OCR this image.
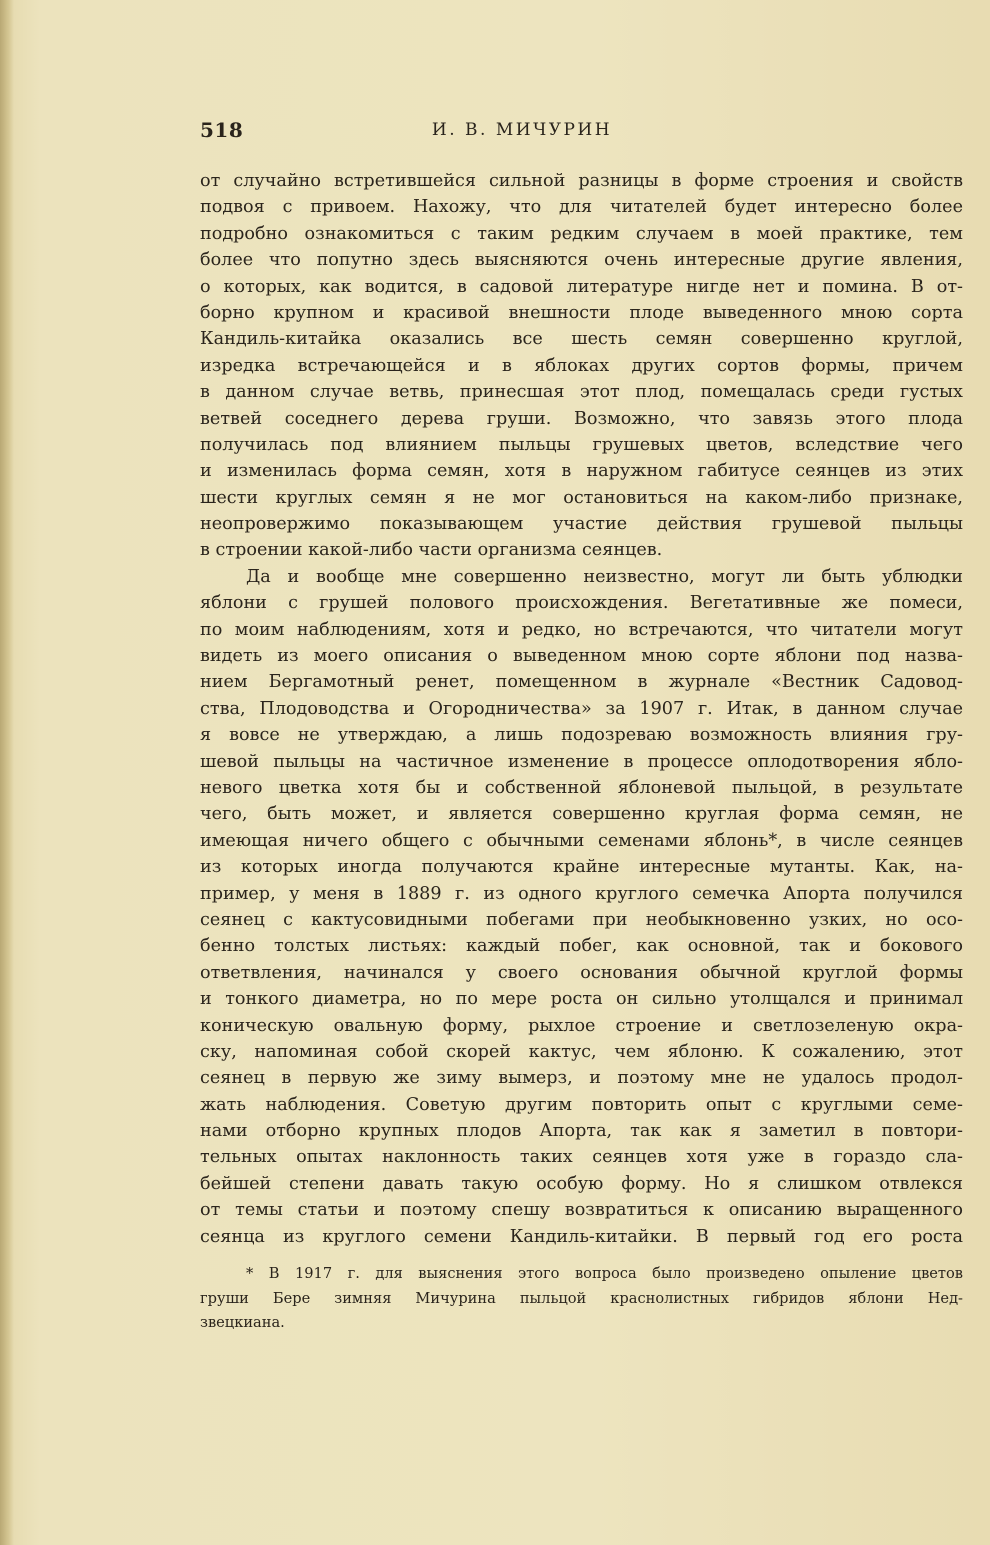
518	И. В. МИЧУРИН
от случайно встретившейся сильной разницы в форме строения и свойств
подвоя с привоем. Нахожу, что для читателей будет интересно более
подробно ознакомиться с таким редким случаем в моей практике, тем
более что попутно здесь выясняются очень интересные другие явления,
о которых, как водится, в садовой литературе нигде нет и помина. В от-
борно крупном и красивой внешности плоде выведенного мною сорта
Кандиль-китайка оказались все шесть семян совершенно круглой,
изредка встречающейся и в яблоках других сортов формы, причем
в данном случае ветвь, принесшая этот плод, помещалась среди густых
ветвей соседнего дерева груши. Возможно, что завязь этого плода
получилась под влиянием пыльцы грушевых цветов, вследствие чего
и изменилась форма семян, хотя в наружном габитусе сеянцев из этих
шести круглых семян я не мог остановиться на каком-либо признаке,
неопровержимо показывающем участие действия грушевой пыльцы
в строении какой-либо части организма сеянцев.
Да и вообще мне совершенно неизвестно, могут ли быть ублюдки
яблони с грушей полового происхождения. Вегетативные же помеси,
по моим наблюдениям, хотя и редко, но встречаются, что читатели могут
видеть из моего описания о выведенном мною сорте яблони под назва-
нием Бергамотный ренет, помещенном в журнале «Вестник Садовод-
ства, Плодоводства и Огородничества» за 1907 г. Итак, в данном случае
я вовсе не утверждаю, а лишь подозреваю возможность влияния гру-
шевой пыльцы на частичное изменение в процессе оплодотворения ябло-
невого цветка хотя бы и собственной яблоневой пыльцой, в результате
чего, быть может, и является совершенно круглая форма семян, не
имеющая ничего общего с обычными семенами яблонь*, в числе сеянцев
из которых иногда получаются крайне интересные мутанты. Как, на-
пример, у меня в 1889 г. из одного круглого семечка Апорта получился
сеянец с кактусовидными побегами при необыкновенно узких, но осо-
бенно толстых листьях: каждый побег, как основной, так и бокового
ответвления, начинался у своего основания обычной круглой формы
и тонкого диаметра, но по мере роста он сильно утолщался и принимал
коническую овальную форму, рыхлое строение и светлозеленую окра-
ску, напоминая собой скорей кактус, чем яблоню. К сожалению, этот
сеянец в первую же зиму вымерз, и поэтому мне не удалось продол-
жать наблюдения. Советую другим повторить опыт с круглыми семе-
нами отборно крупных плодов Апорта, так как я заметил в повтори-
тельных опытах наклонность таких сеянцев хотя уже в гораздо сла-
бейшей степени давать такую особую форму. Но я слишком отвлекся
от темы статьи и поэтому спешу возвратиться к описанию выращенного
сеянца из круглого семени Кандиль-китайки. В первый год его роста
* В 1917 г. для выяснения этого вопроса было произведено опыление цветов
груши Бере зимняя Мичурина пыльцой краснолистных гибридов яблони Нед-
звецкиана.
